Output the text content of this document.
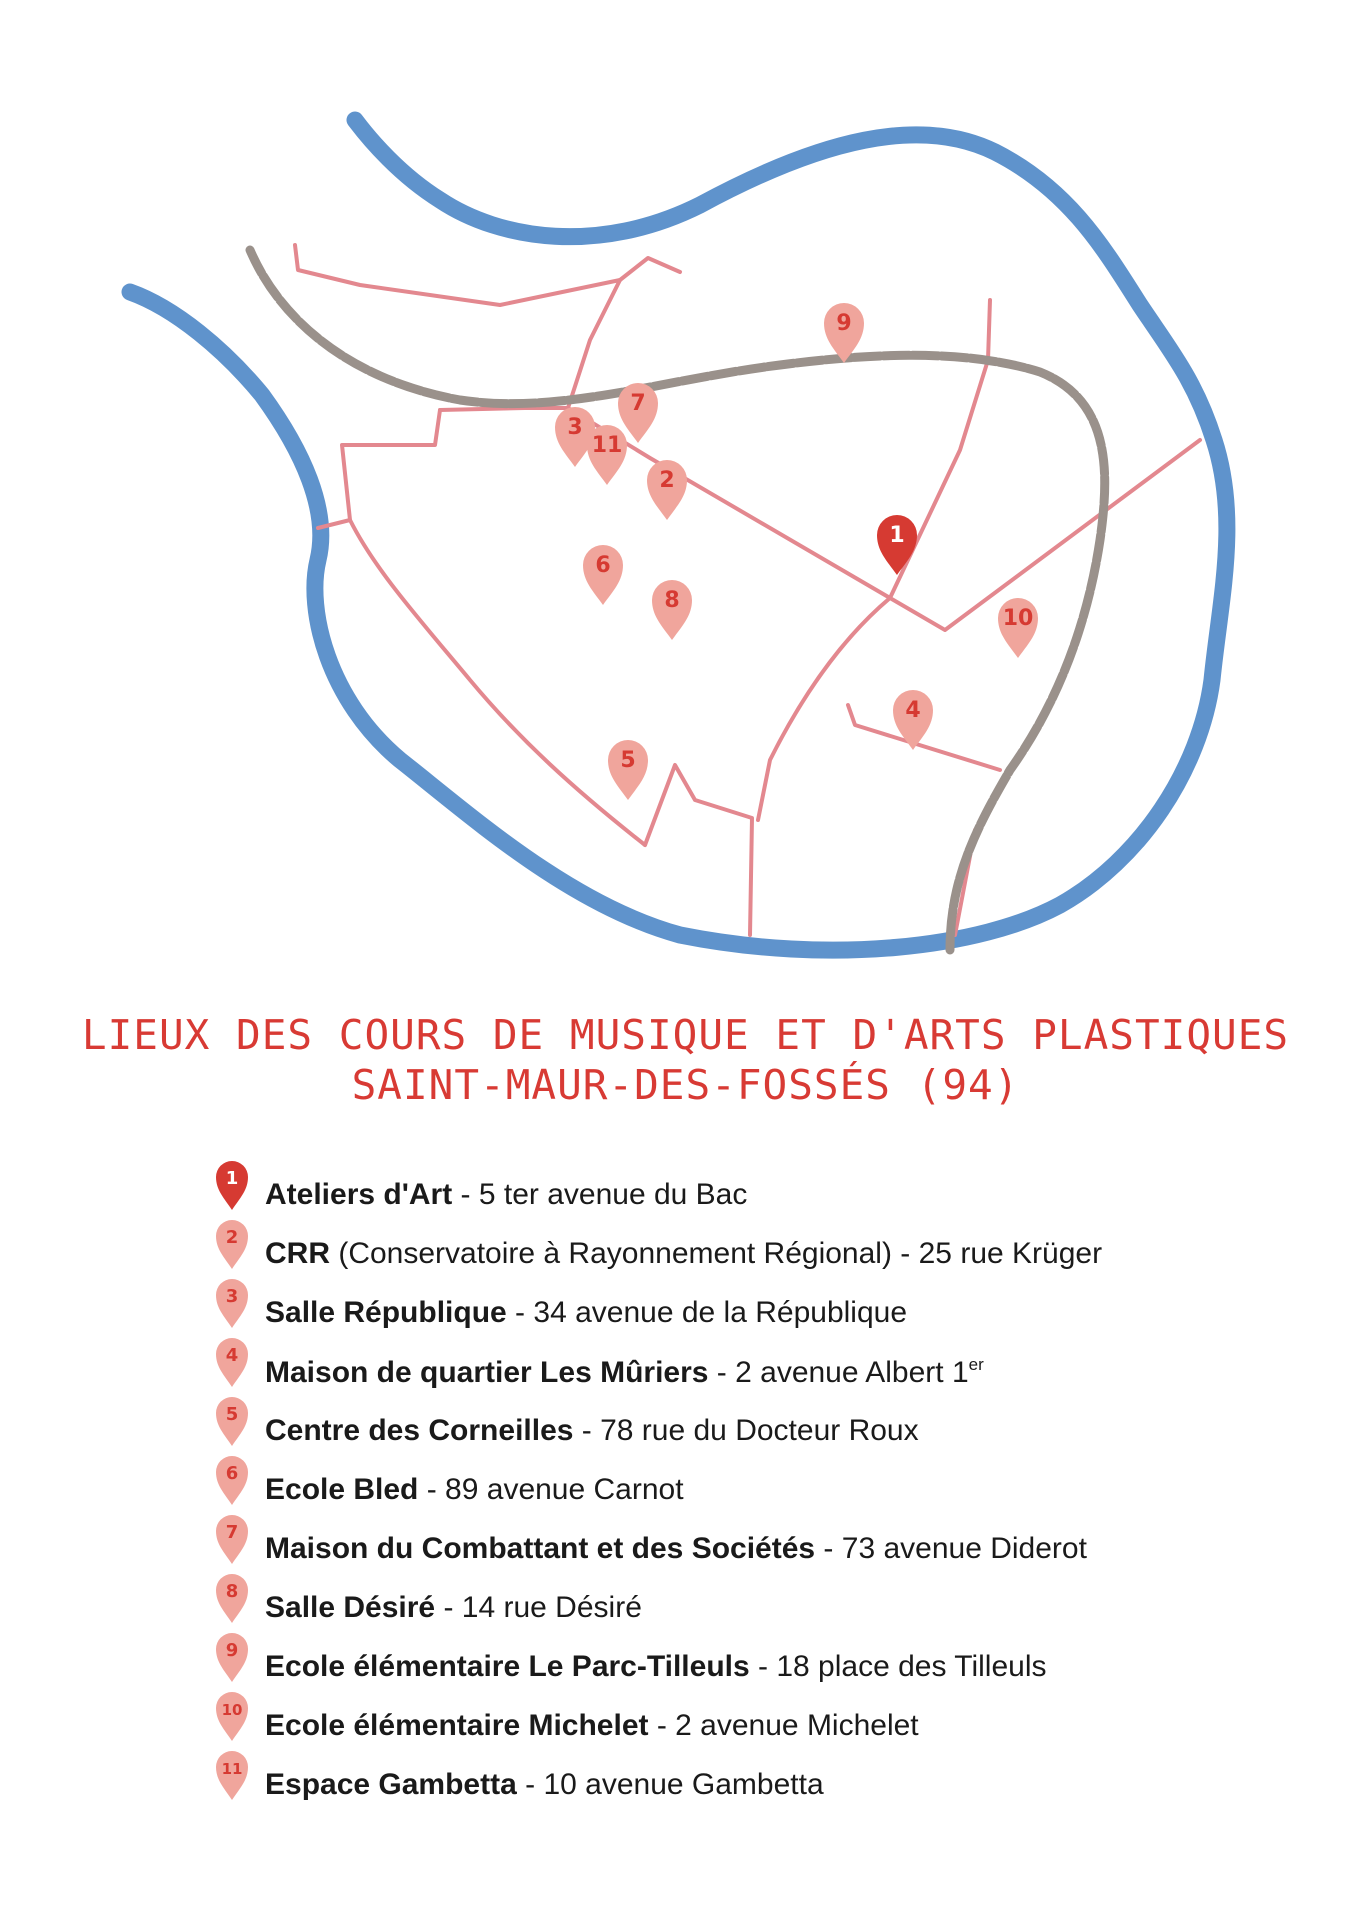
1
2
3
4
5
6
7
8
9
10
11
LIEUX DES COURS DE MUSIQUE ET D'ARTS PLASTIQUES
SAINT-MAUR-DES-FOSSÉS (94)
1 Ateliers d'Art - 5 ter avenue du Bac
2 CRR (Conservatoire à Rayonnement Régional) - 25 rue Krüger
3 Salle République - 34 avenue de la République
4
Maison de quartier Les Mûriers - 2 avenue Albert 1er
5 Centre des Corneilles - 78 rue du Docteur Roux
6 Ecole Bled - 89 avenue Carnot
7 Maison du Combattant et des Sociétés - 73 avenue Diderot
8 Salle Désiré - 14 rue Désiré
9 Ecole élémentaire Le Parc-Tilleuls - 18 place des Tilleuls
10 Ecole élémentaire Michelet - 2 avenue Michelet
11 Espace Gambetta - 10 avenue Gambetta
